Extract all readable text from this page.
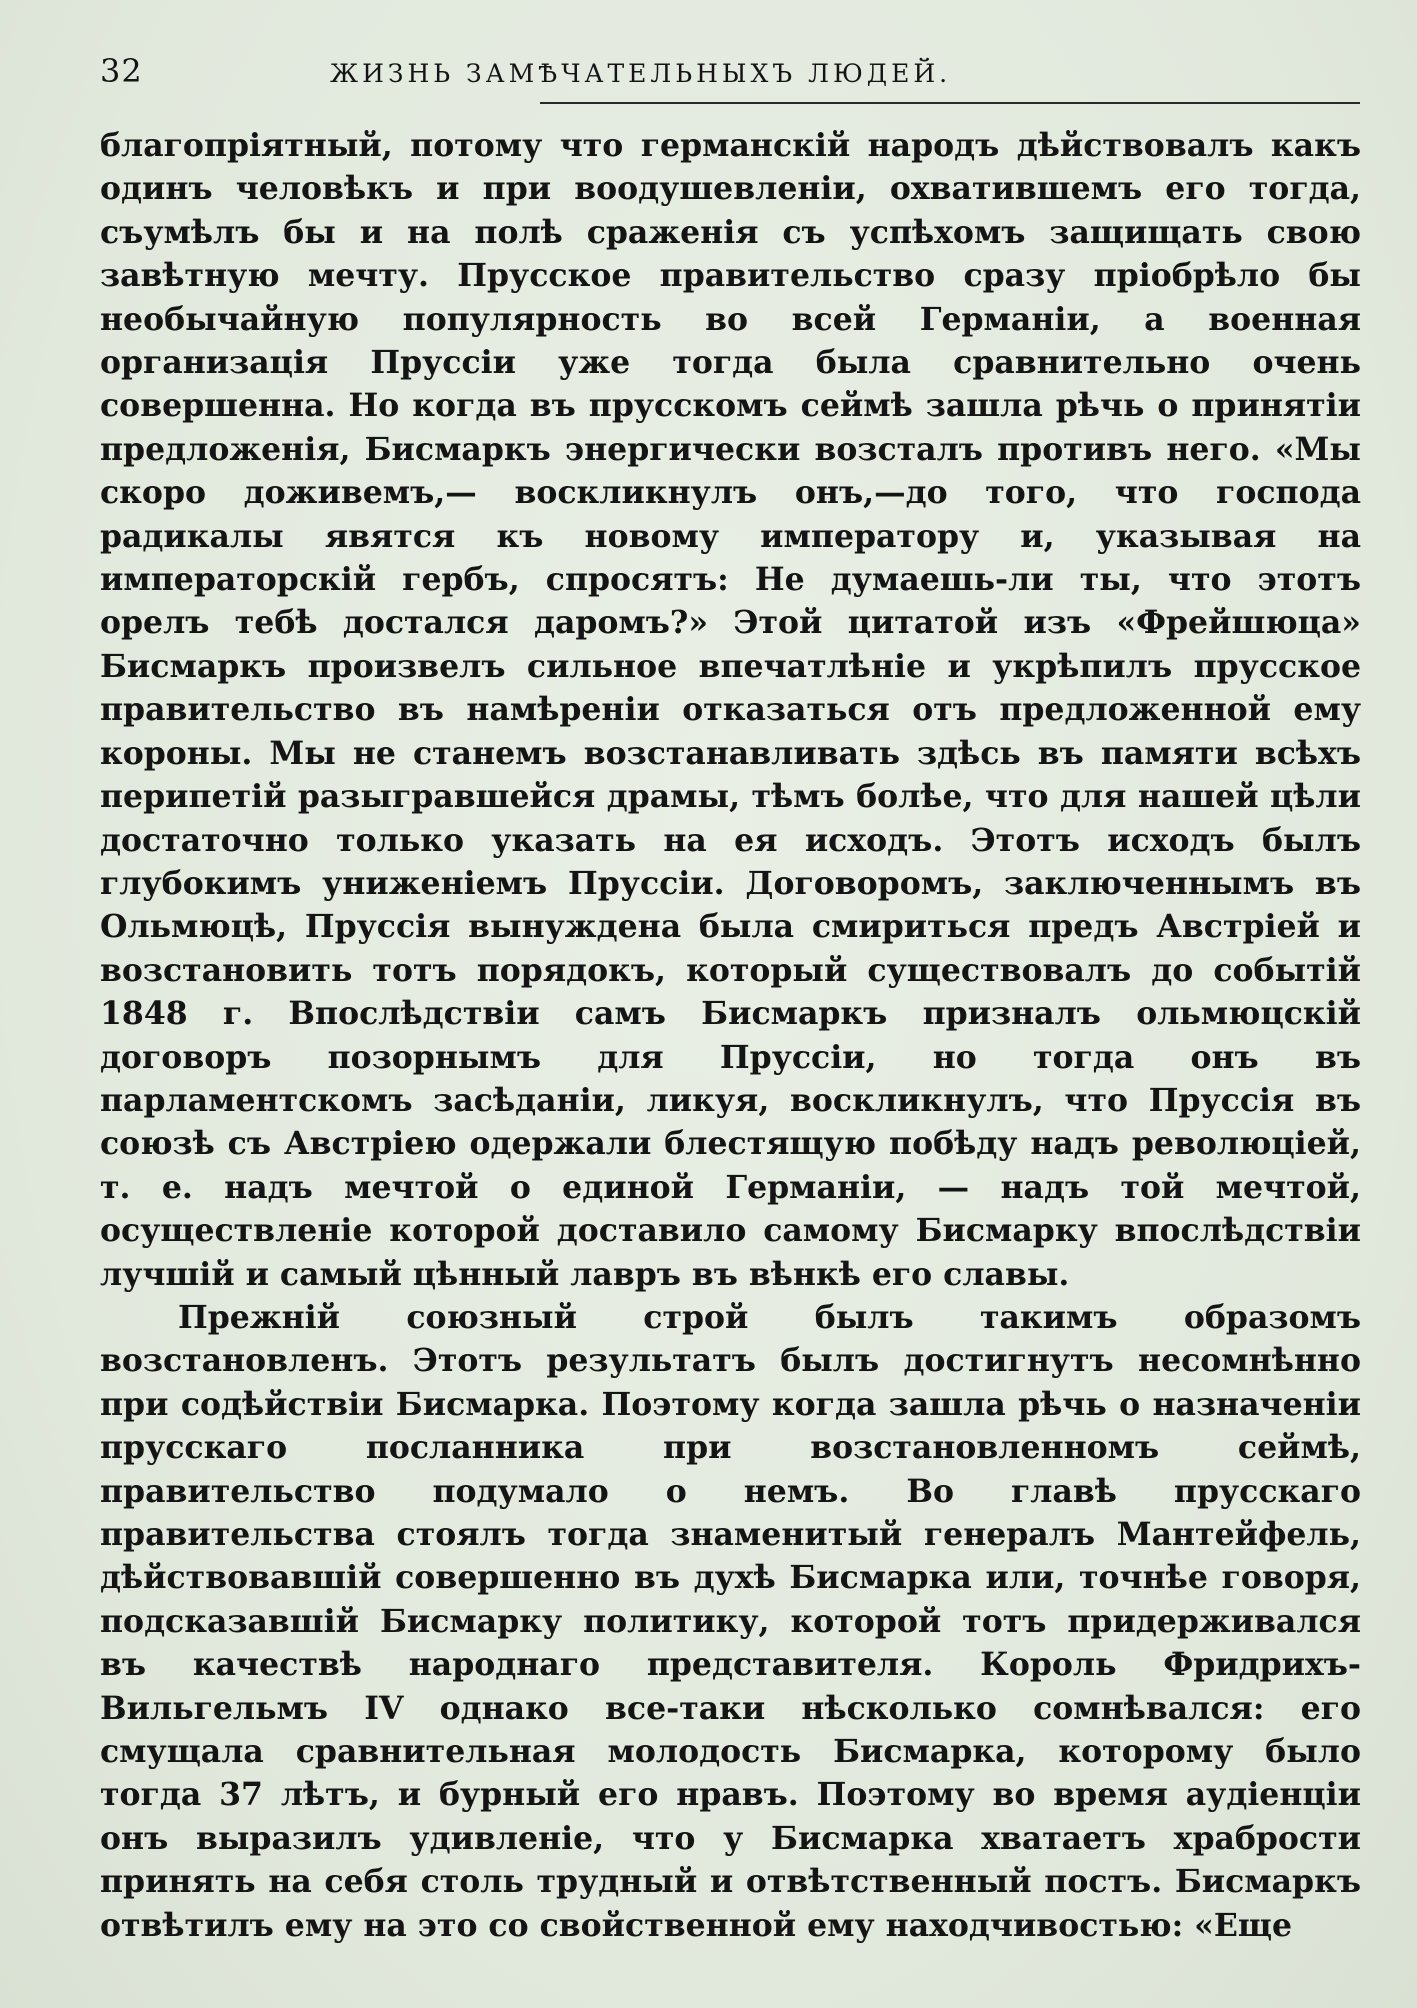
32	ЖИЗНЬ ЗАМѢЧАТЕЛЬНЫХЪ ЛЮДЕЙ.

благопріятный, потому что германскій народъ дѣйствовалъ какъ одинъ человѣкъ и при воодушевленіи, охватившемъ его тогда, съумѣлъ бы и на полѣ сраженія съ успѣхомъ защищать свою завѣтную мечту. Прусское правительство сразу пріобрѣло бы необычайную популярность во всей Германіи, а военная организація Пруссіи уже тогда была сравнительно очень совершенна. Но когда въ прусскомъ сеймѣ зашла рѣчь о принятіи предложенія, Бисмаркъ энергически возсталъ противъ него. «Мы скоро доживемъ,— воскликнулъ онъ,—до того, что господа радикалы явятся къ новому императору и, указывая на императорскій гербъ, спросятъ: Не думаешь-ли ты, что этотъ орелъ тебѣ достался даромъ?» Этой цитатой изъ «Фрейшюца» Бисмаркъ произвелъ сильное впечатлѣніе и укрѣпилъ прусское правительство въ намѣреніи отказаться отъ предложенной ему короны. Мы не станемъ возстанавливать здѣсь въ памяти всѣхъ перипетій разыгравшейся драмы, тѣмъ болѣе, что для нашей цѣли достаточно только указать на ея исходъ. Этотъ исходъ былъ глубокимъ униженіемъ Пруссіи. Договоромъ, заключеннымъ въ Ольмюцѣ, Пруссія вынуждена была смириться предъ Австріей и возстановить тотъ порядокъ, который существовалъ до событій 1848 г. Впослѣдствіи самъ Бисмаркъ призналъ ольмюцскій договоръ позорнымъ для Пруссіи, но тогда онъ въ парламентскомъ засѣданіи, ликуя, воскликнулъ, что Пруссія въ союзѣ съ Австріею одержали блестящую побѣду надъ революціей, т. е. надъ мечтой о единой Германіи, — надъ той мечтой, осуществленіе которой доставило самому Бисмарку впослѣдствіи лучшій и самый цѣнный лавръ въ вѣнкѣ его славы.

Прежній союзный строй былъ такимъ образомъ возстановленъ. Этотъ результатъ былъ достигнутъ несомнѣнно при содѣйствіи Бисмарка. Поэтому когда зашла рѣчь о назначеніи прусскаго посланника при возстановленномъ сеймѣ, правительство подумало о немъ. Во главѣ прусскаго правительства стоялъ тогда знаменитый генералъ Мантейфель, дѣйствовавшій совершенно въ духѣ Бисмарка или, точнѣе говоря, подсказавшій Бисмарку политику, которой тотъ придерживался въ качествѣ народнаго представителя. Король Фридрихъ-Вильгельмъ IV однако все-таки нѣсколько сомнѣвался: его смущала сравнительная молодость Бисмарка, которому было тогда 37 лѣтъ, и бурный его нравъ. Поэтому во время аудіенціи онъ выразилъ удивленіе, что у Бисмарка хватаетъ храбрости принять на себя столь трудный и отвѣтственный постъ. Бисмаркъ отвѣтилъ ему на это со свойственной ему находчивостью: «Еще
